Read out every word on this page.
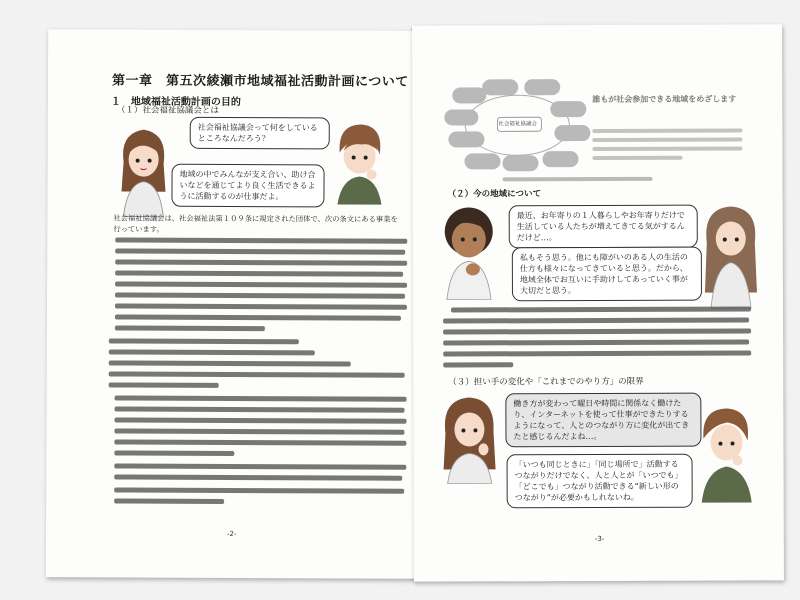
第一章　第五次綾瀬市地域福祉活動計画について
１　地域福祉活動計画の目的
（１）社会福祉協議会とは
社会福祉協議会って何をしているところなんだろう？
地域の中でみんなが支え合い、助け合いなどを通じてより良く生活できるように活動するのが仕事だよ。

社会福祉協議会は、社会福祉法第１０９条に規定された団体で、次の条文にある事業を行っています。

-2-
社会福祉協議会
誰もが社会参加できる地域をめざします
（２）今の地域について
最近、お年寄りの１人暮らしやお年寄りだけで生活している人たちが増えてきてる気がするんだけど…。
私もそう思う。他にも障がいのある人の生活の仕方も様々になってきていると思う。だから、地域全体でお互いに手助けしてあっていく事が大切だと思う。
（３）担い手の変化や「これまでのやり方」の限界
働き方が変わって曜日や時間に関係なく働けたり、インターネットを使って仕事ができたりするようになって、人とのつながり方に変化が出てきたと感じるんだよね…。
「いつも同じときに」「同じ場所で」活動するつながりだけでなく、人と人とが「いつでも」「どこでも」つながり活動できる“新しい形のつながり”が必要かもしれないね。
-3-
